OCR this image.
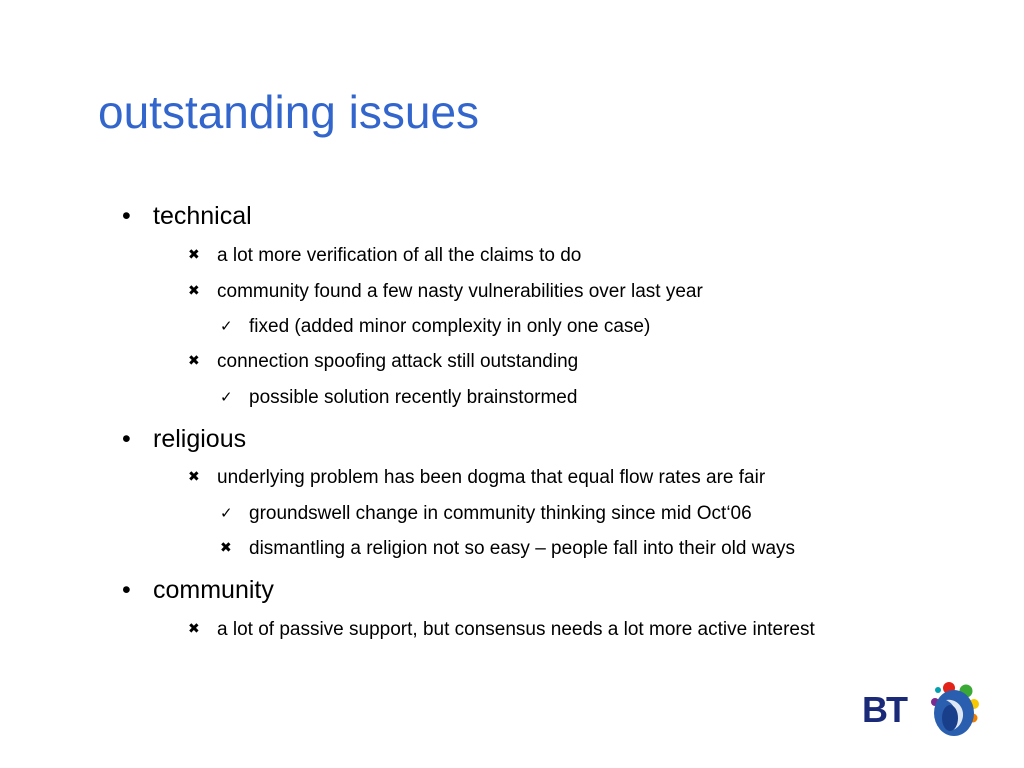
outstanding issues
• technical
✖ a lot more verification of all the claims to do
✖ community found a few nasty vulnerabilities over last year
✓ fixed (added minor complexity in only one case)
✖ connection spoofing attack still outstanding
✓ possible solution recently brainstormed
• religious
✖ underlying problem has been dogma that equal flow rates are fair
✓ groundswell change in community thinking since mid Oct‘06
✖ dismantling a religion not so easy – people fall into their old ways
• community
✖ a lot of passive support, but consensus needs a lot more active interest
BT
